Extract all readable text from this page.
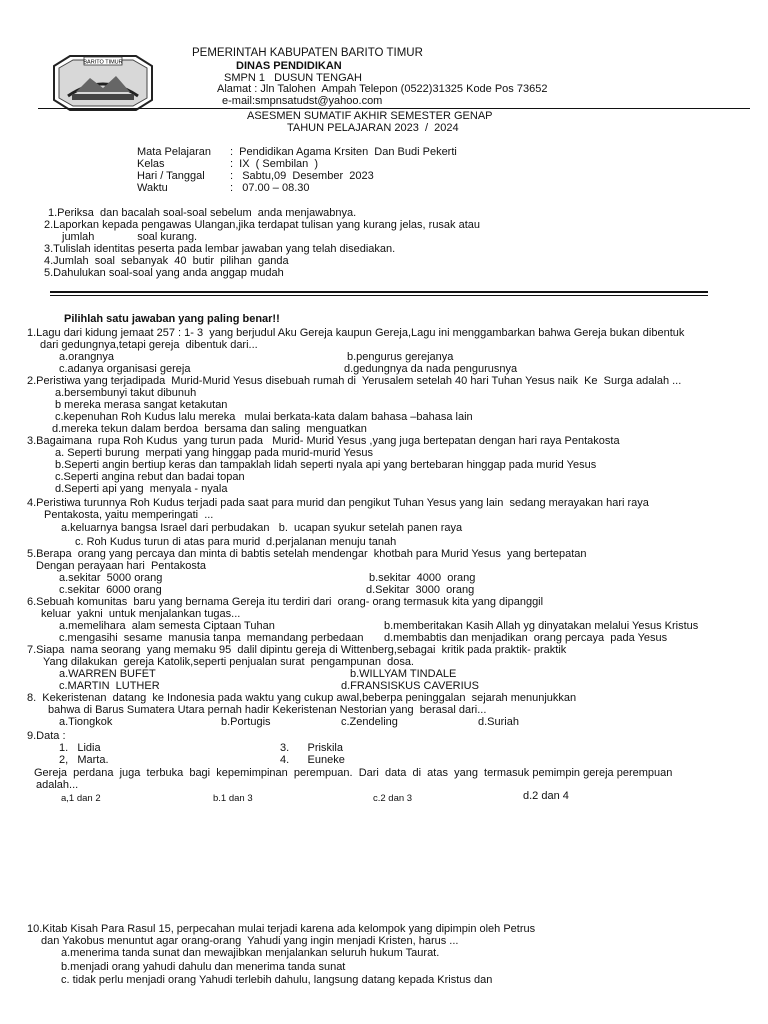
BARITO TIMUR
PEMERINTAH KABUPATEN BARITO TIMUR
DINAS PENDIDIKAN
SMPN 1   DUSUN TENGAH
Alamat : Jln Talohen  Ampah Telepon (0522)31325 Kode Pos 73652
e-mail:smpnsatudst@yahoo.com
ASESMEN SUMATIF AKHIR SEMESTER GENAP
TAHUN PELAJARAN 2023  /  2024
Mata Pelajaran :  Pendidikan Agama Krsiten  Dan Budi Pekerti
Kelas	:  IX  ( Sembilan  )
Hari / Tanggal :   Sabtu,09  Desember  2023
Waktu	:   07.00 – 08.30
1.Periksa  dan bacalah soal-soal sebelum  anda menjawabnya.
2.Laporkan kepada pengawas Ulangan,jika terdapat tulisan yang kurang jelas, rusak atau
jumlah              soal kurang.
3.Tulislah identitas peserta pada lembar jawaban yang telah disediakan.
4.Jumlah  soal  sebanyak  40  butir  pilihan  ganda
5.Dahulukan soal-soal yang anda anggap mudah
Pilihlah satu jawaban yang paling benar!!
1.Lagu dari kidung jemaat 257 : 1- 3  yang berjudul Aku Gereja kaupun Gereja,Lagu ini menggambarkan bahwa Gereja bukan dibentuk
dari gedungnya,tetapi gereja  dibentuk dari...
a.orangnya	b.pengurus gerejanya
c.adanya organisasi gereja	d.gedungnya da nada pengurusnya
2.Peristiwa yang terjadipada  Murid-Murid Yesus disebuah rumah di  Yerusalem setelah 40 hari Tuhan Yesus naik  Ke  Surga adalah ...
a.bersembunyi takut dibunuh
b mereka merasa sangat ketakutan
c.kepenuhan Roh Kudus lalu mereka   mulai berkata-kata dalam bahasa –bahasa lain
d.mereka tekun dalam berdoa  bersama dan saling  menguatkan
3.Bagaimana  rupa Roh Kudus  yang turun pada   Murid- Murid Yesus ,yang juga bertepatan dengan hari raya Pentakosta
a. Seperti burung  merpati yang hinggap pada murid-murid Yesus
b.Seperti angin bertiup keras dan tampaklah lidah seperti nyala api yang bertebaran hinggap pada murid Yesus
c.Seperti angina rebut dan badai topan
d.Seperti api yang  menyala - nyala
4.Peristiwa turunnya Roh Kudus terjadi pada saat para murid dan pengikut Tuhan Yesus yang lain  sedang merayakan hari raya
Pentakosta, yaitu memperingati  ...
a.keluarnya bangsa Israel dari perbudakan   b.  ucapan syukur setelah panen raya
c. Roh Kudus turun di atas para murid d.perjalanan menuju tanah
5.Berapa  orang yang percaya dan minta di babtis setelah mendengar  khotbah para Murid Yesus  yang bertepatan
Dengan perayaan hari  Pentakosta
a.sekitar  5000 orang	b.sekitar  4000  orang
c.sekitar  6000 orang	d.Sekitar  3000  orang
6.Sebuah komunitas  baru yang bernama Gereja itu terdiri dari  orang- orang termasuk kita yang dipanggil
keluar  yakni  untuk menjalankan tugas...
a.memelihara  alam semesta Ciptaan Tuhan	b.memberitakan Kasih Allah yg dinyatakan melalui Yesus Kristus
c.mengasihi  sesame  manusia tanpa  memandang perbedaan d.membabtis dan menjadikan  orang percaya  pada Yesus
7.Siapa  nama seorang  yang memaku 95  dalil dipintu gereja di Wittenberg,sebagai  kritik pada praktik- praktik
Yang dilakukan  gereja Katolik,seperti penjualan surat  pengampunan  dosa.
a.WARREN BUFET	b.WILLYAM TINDALE
c.MARTIN  LUTHER	d.FRANSISKUS CAVERIUS
8.  Kekeristenan  datang  ke Indonesia pada waktu yang cukup awal,beberpa peninggalan  sejarah menunjukkan
bahwa di Barus Sumatera Utara pernah hadir Kekeristenan Nestorian yang  berasal dari...
a.Tiongkok	b.Portugis	c.Zendeling	d.Suriah
9.Data :
1.   Lidia	3.      Priskila
2,   Marta.	4.      Euneke
Gereja  perdana  juga  terbuka  bagi  kepemimpinan  perempuan.  Dari  data  di  atas  yang  termasuk pemimpin gereja perempuan
adalah...
a,1 dan 2	b.1 dan 3	c.2 dan 3	d.2 dan 4
10.Kitab Kisah Para Rasul 15, perpecahan mulai terjadi karena ada kelompok yang dipimpin oleh Petrus
dan Yakobus menuntut agar orang-orang  Yahudi yang ingin menjadi Kristen, harus ...
a.menerima tanda sunat dan mewajibkan menjalankan seluruh hukum Taurat.
b.menjadi orang yahudi dahulu dan menerima tanda sunat
c. tidak perlu menjadi orang Yahudi terlebih dahulu, langsung datang kepada Kristus dan
